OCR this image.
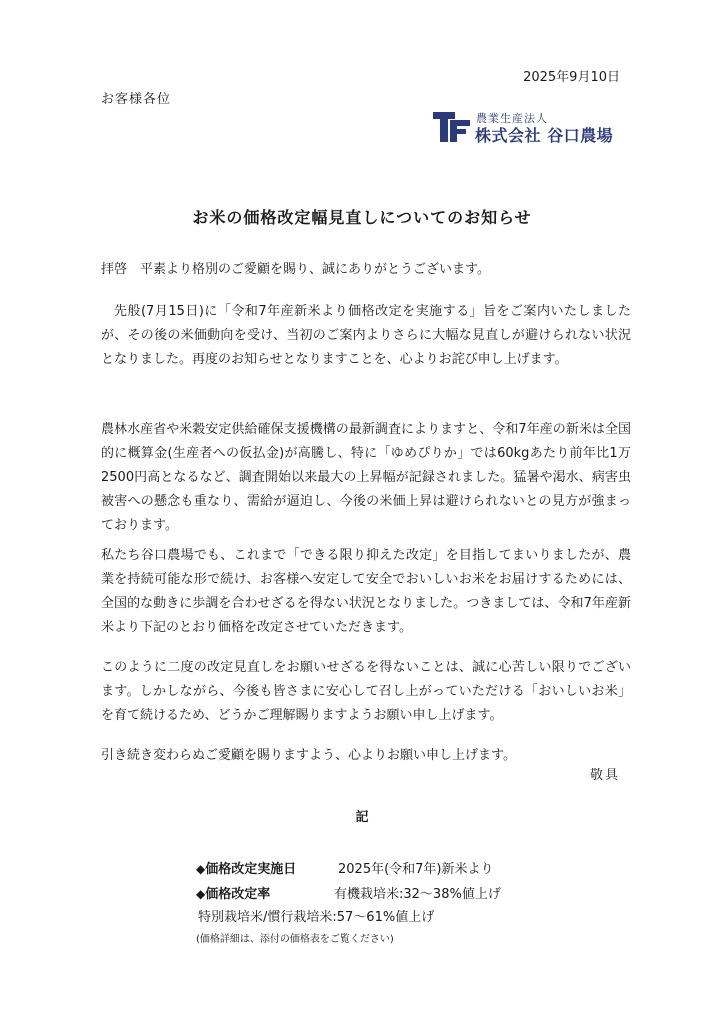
2025年9月10日
お客様各位
農業生産法人
株式会社 谷口農場
お米の価格改定幅見直しについてのお知らせ

拝啓　平素より格別のご愛顧を賜り、誠にありがとうございます。

先般(7月15日)に「令和7年産新米より価格改定を実施する」旨をご案内いたしましたが、その後の米価動向を受け、当初のご案内よりさらに大幅な見直しが避けられない状況となりました。再度のお知らせとなりますことを、心よりお詫び申し上げます。

農林水産省や米穀安定供給確保支援機構の最新調査によりますと、令和7年産の新米は全国的に概算金(生産者への仮払金)が高騰し、特に「ゆめぴりか」では60kgあたり前年比1万2500円高となるなど、調査開始以来最大の上昇幅が記録されました。猛暑や渇水、病害虫被害への懸念も重なり、需給が逼迫し、今後の米価上昇は避けられないとの見方が強まっております。

私たち谷口農場でも、これまで「できる限り抑えた改定」を目指してまいりましたが、農業を持続可能な形で続け、お客様へ安定して安全でおいしいお米をお届けするためには、全国的な動きに歩調を合わせざるを得ない状況となりました。つきましては、令和7年産新米より下記のとおり価格を改定させていただきます。

このように二度の改定見直しをお願いせざるを得ないことは、誠に心苦しい限りでございます。しかしながら、今後も皆さまに安心して召し上がっていただける「おいしいお米」を育て続けるため、どうかご理解賜りますようお願い申し上げます。

引き続き変わらぬご愛顧を賜りますよう、心よりお願い申し上げます。

敬具
記
◆価格改定実施日	2025年(令和7年)新米より
◆価格改定率	有機栽培米:32〜38%値上げ
特別栽培米/慣行栽培米:57〜61%値上げ
(価格詳細は、添付の価格表をご覧ください)
